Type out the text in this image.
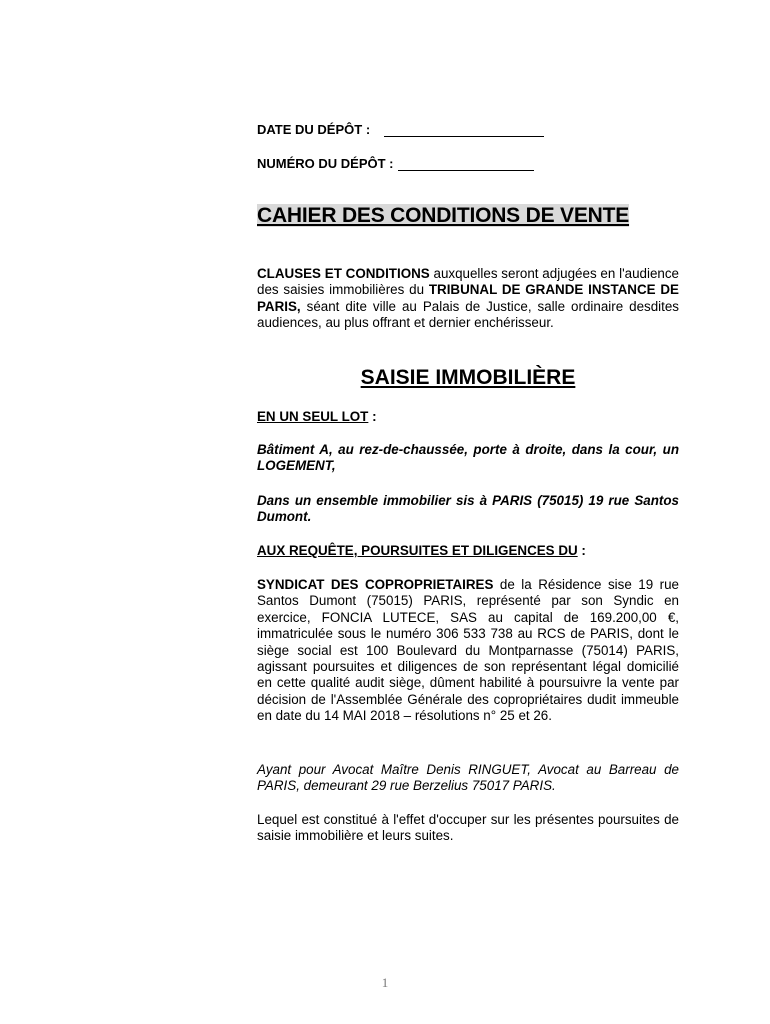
DATE DU DÉPÔT :
NUMÉRO DU DÉPÔT :
CAHIER DES CONDITIONS DE VENTE

CLAUSES ET CONDITIONS auxquelles seront adjugées en l'audience des saisies immobilières du TRIBUNAL DE GRANDE INSTANCE DE PARIS, séant dite ville au Palais de Justice, salle ordinaire desdites audiences, au plus offrant et dernier enchérisseur.

SAISIE IMMOBILIÈRE

EN UN SEUL LOT :

Bâtiment A, au rez-de-chaussée, porte à droite, dans la cour, un LOGEMENT,

Dans un ensemble immobilier sis à PARIS (75015) 19 rue Santos Dumont.

AUX REQUÊTE, POURSUITES ET DILIGENCES DU :

SYNDICAT DES COPROPRIETAIRES de la Résidence sise 19 rue Santos Dumont (75015) PARIS, représenté par son Syndic en exercice, FONCIA LUTECE, SAS au capital de 169.200,00 €, immatriculée sous le numéro 306 533 738 au RCS de PARIS, dont le siège social est 100 Boulevard du Montparnasse (75014) PARIS, agissant poursuites et diligences de son représentant légal domicilié en cette qualité audit siège, dûment habilité à poursuivre la vente par décision de l'Assemblée Générale des copropriétaires dudit immeuble en date du 14 MAI 2018 – résolutions n° 25 et 26.

Ayant pour Avocat Maître Denis RINGUET, Avocat au Barreau de PARIS, demeurant 29 rue Berzelius 75017 PARIS.

Lequel est constitué à l'effet d'occuper sur les présentes poursuites de saisie immobilière et leurs suites.

1
